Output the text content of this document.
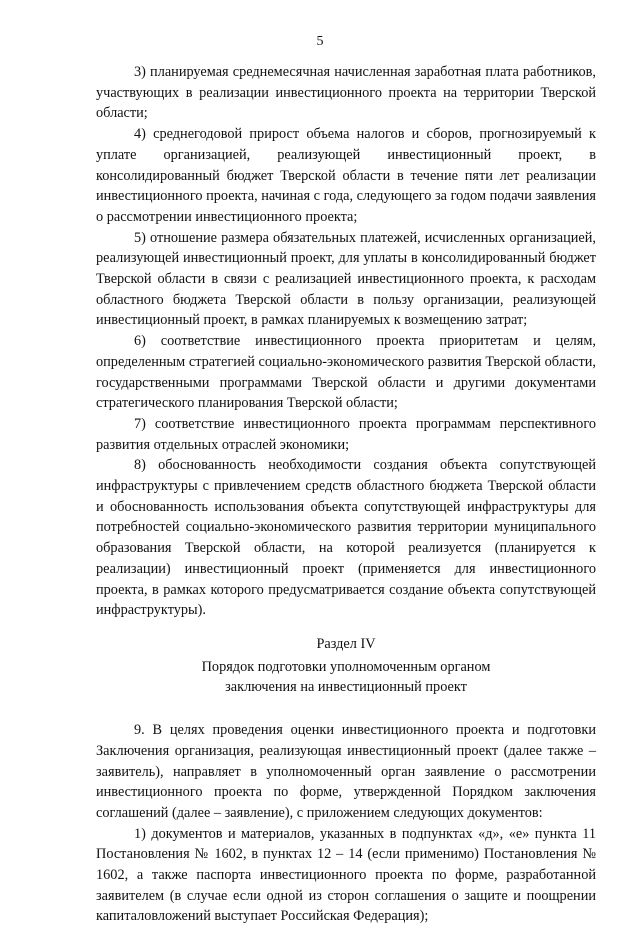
5

3) планируемая среднемесячная начисленная заработная плата работников, участвующих в реализации инвестиционного проекта на территории Тверской области;

4) среднегодовой прирост объема налогов и сборов, прогнозируемый к уплате организацией, реализующей инвестиционный проект, в консолидированный бюджет Тверской области в течение пяти лет реализации инвестиционного проекта, начиная с года, следующего за годом подачи заявления о рассмотрении инвестиционного проекта;

5) отношение размера обязательных платежей, исчисленных организацией, реализующей инвестиционный проект, для уплаты в консолидированный бюджет Тверской области в связи с реализацией инвестиционного проекта, к расходам областного бюджета Тверской области в пользу организации, реализующей инвестиционный проект, в рамках планируемых к возмещению затрат;

6) соответствие инвестиционного проекта приоритетам и целям, определенным стратегией социально-экономического развития Тверской области, государственными программами Тверской области и другими документами стратегического планирования Тверской области;

7) соответствие инвестиционного проекта программам перспективного развития отдельных отраслей экономики;

8) обоснованность необходимости создания объекта сопутствующей инфраструктуры с привлечением средств областного бюджета Тверской области и обоснованность использования объекта сопутствующей инфраструктуры для потребностей социально-экономического развития территории муниципального образования Тверской области, на которой реализуется (планируется к реализации) инвестиционный проект (применяется для инвестиционного проекта, в рамках которого предусматривается создание объекта сопутствующей инфраструктуры).

Раздел IV

Порядок подготовки уполномоченным органом

заключения на инвестиционный проект

9. В целях проведения оценки инвестиционного проекта и подготовки Заключения организация, реализующая инвестиционный проект (далее также – заявитель), направляет в уполномоченный орган заявление о рассмотрении инвестиционного проекта по форме, утвержденной Порядком заключения соглашений (далее – заявление), с приложением следующих документов:

1) документов и материалов, указанных в подпунктах «д», «е» пункта 11 Постановления № 1602, в пунктах 12 – 14 (если применимо) Постановления № 1602, а также паспорта инвестиционного проекта по форме, разработанной заявителем (в случае если одной из сторон соглашения о защите и поощрении капиталовложений выступает Российская Федерация);
